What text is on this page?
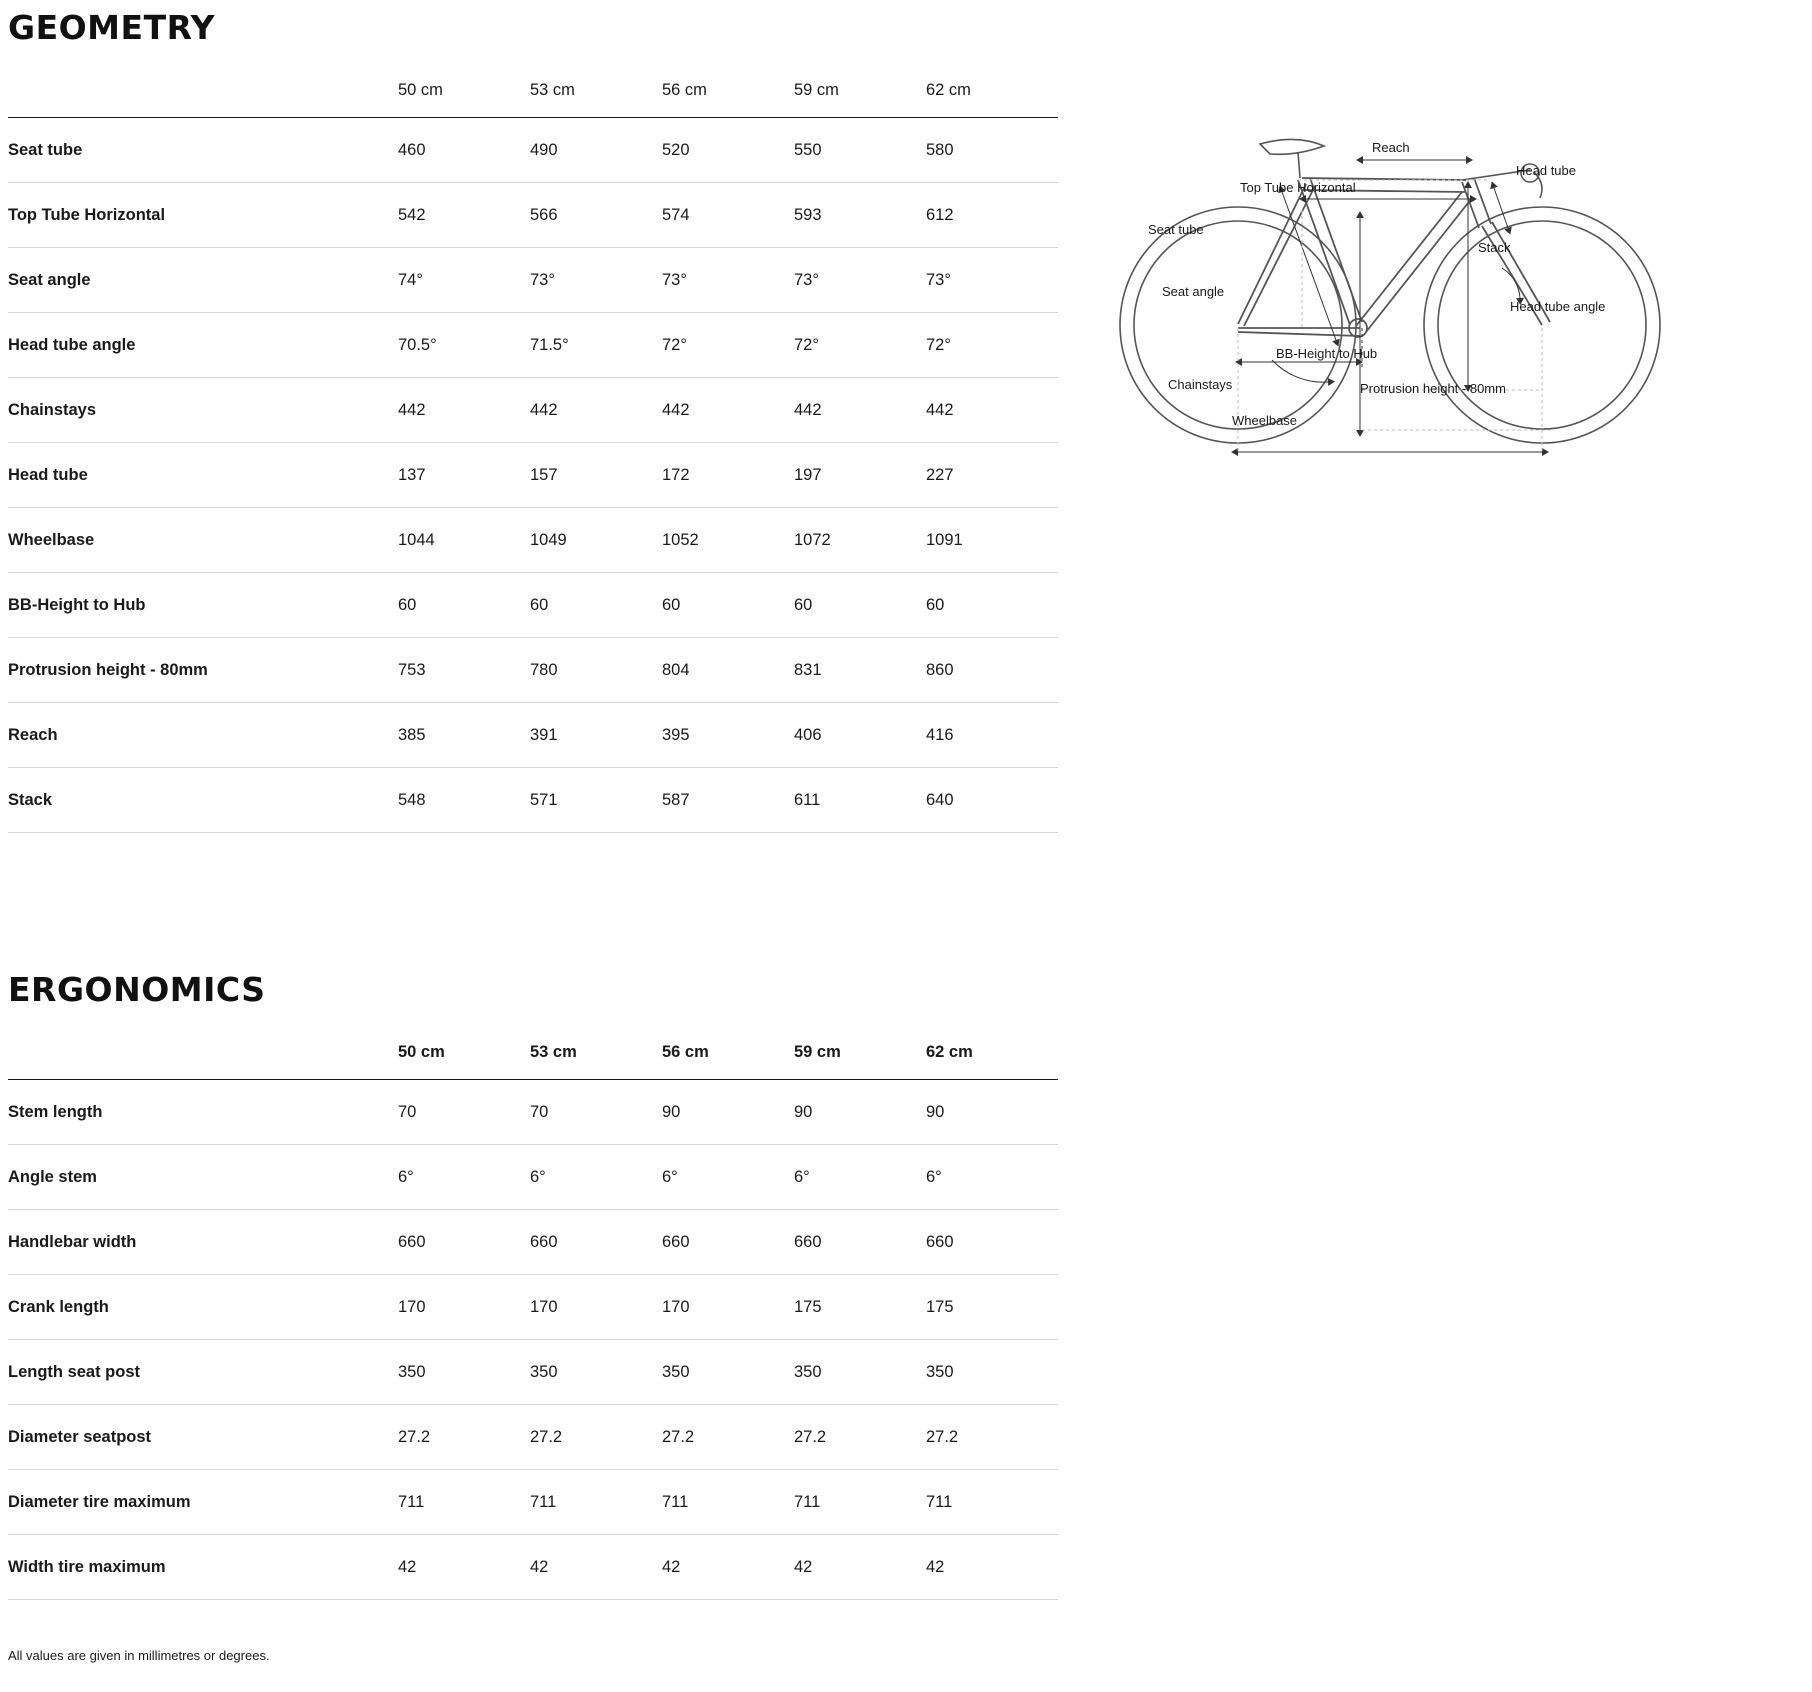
GEOMETRY
	50 cm	53 cm	56 cm	59 cm	62 cm
Seat tube	460	490	520	550	580
Top Tube Horizontal	542	566	574	593	612
Seat angle	74°	73°	73°	73°	73°
Head tube angle	70.5°	71.5°	72°	72°	72°
Chainstays	442	442	442	442	442
Head tube	137	157	172	197	227
Wheelbase	1044	1049	1052	1072	1091
BB-Height to Hub	60	60	60	60	60
Protrusion height - 80mm	753	780	804	831	860
Reach	385	391	395	406	416
Stack	548	571	587	611	640
ERGONOMICS
	50 cm	53 cm	56 cm	59 cm	62 cm
Stem length	70	70	90	90	90
Angle stem	6°	6°	6°	6°	6°
Handlebar width	660	660	660	660	660
Crank length	170	170	170	175	175
Length seat post	350	350	350	350	350
Diameter seatpost	27.2	27.2	27.2	27.2	27.2
Diameter tire maximum	711	711	711	711	711
Width tire maximum	42	42	42	42	42
All values are given in millimetres or degrees.
Reach
Top Tube Horizontal
Head tube
Seat tube
Stack
Head tube angle
Seat angle
BB-Height to Hub
Chainstays	Protrusion height - 80mm
Wheelbase
